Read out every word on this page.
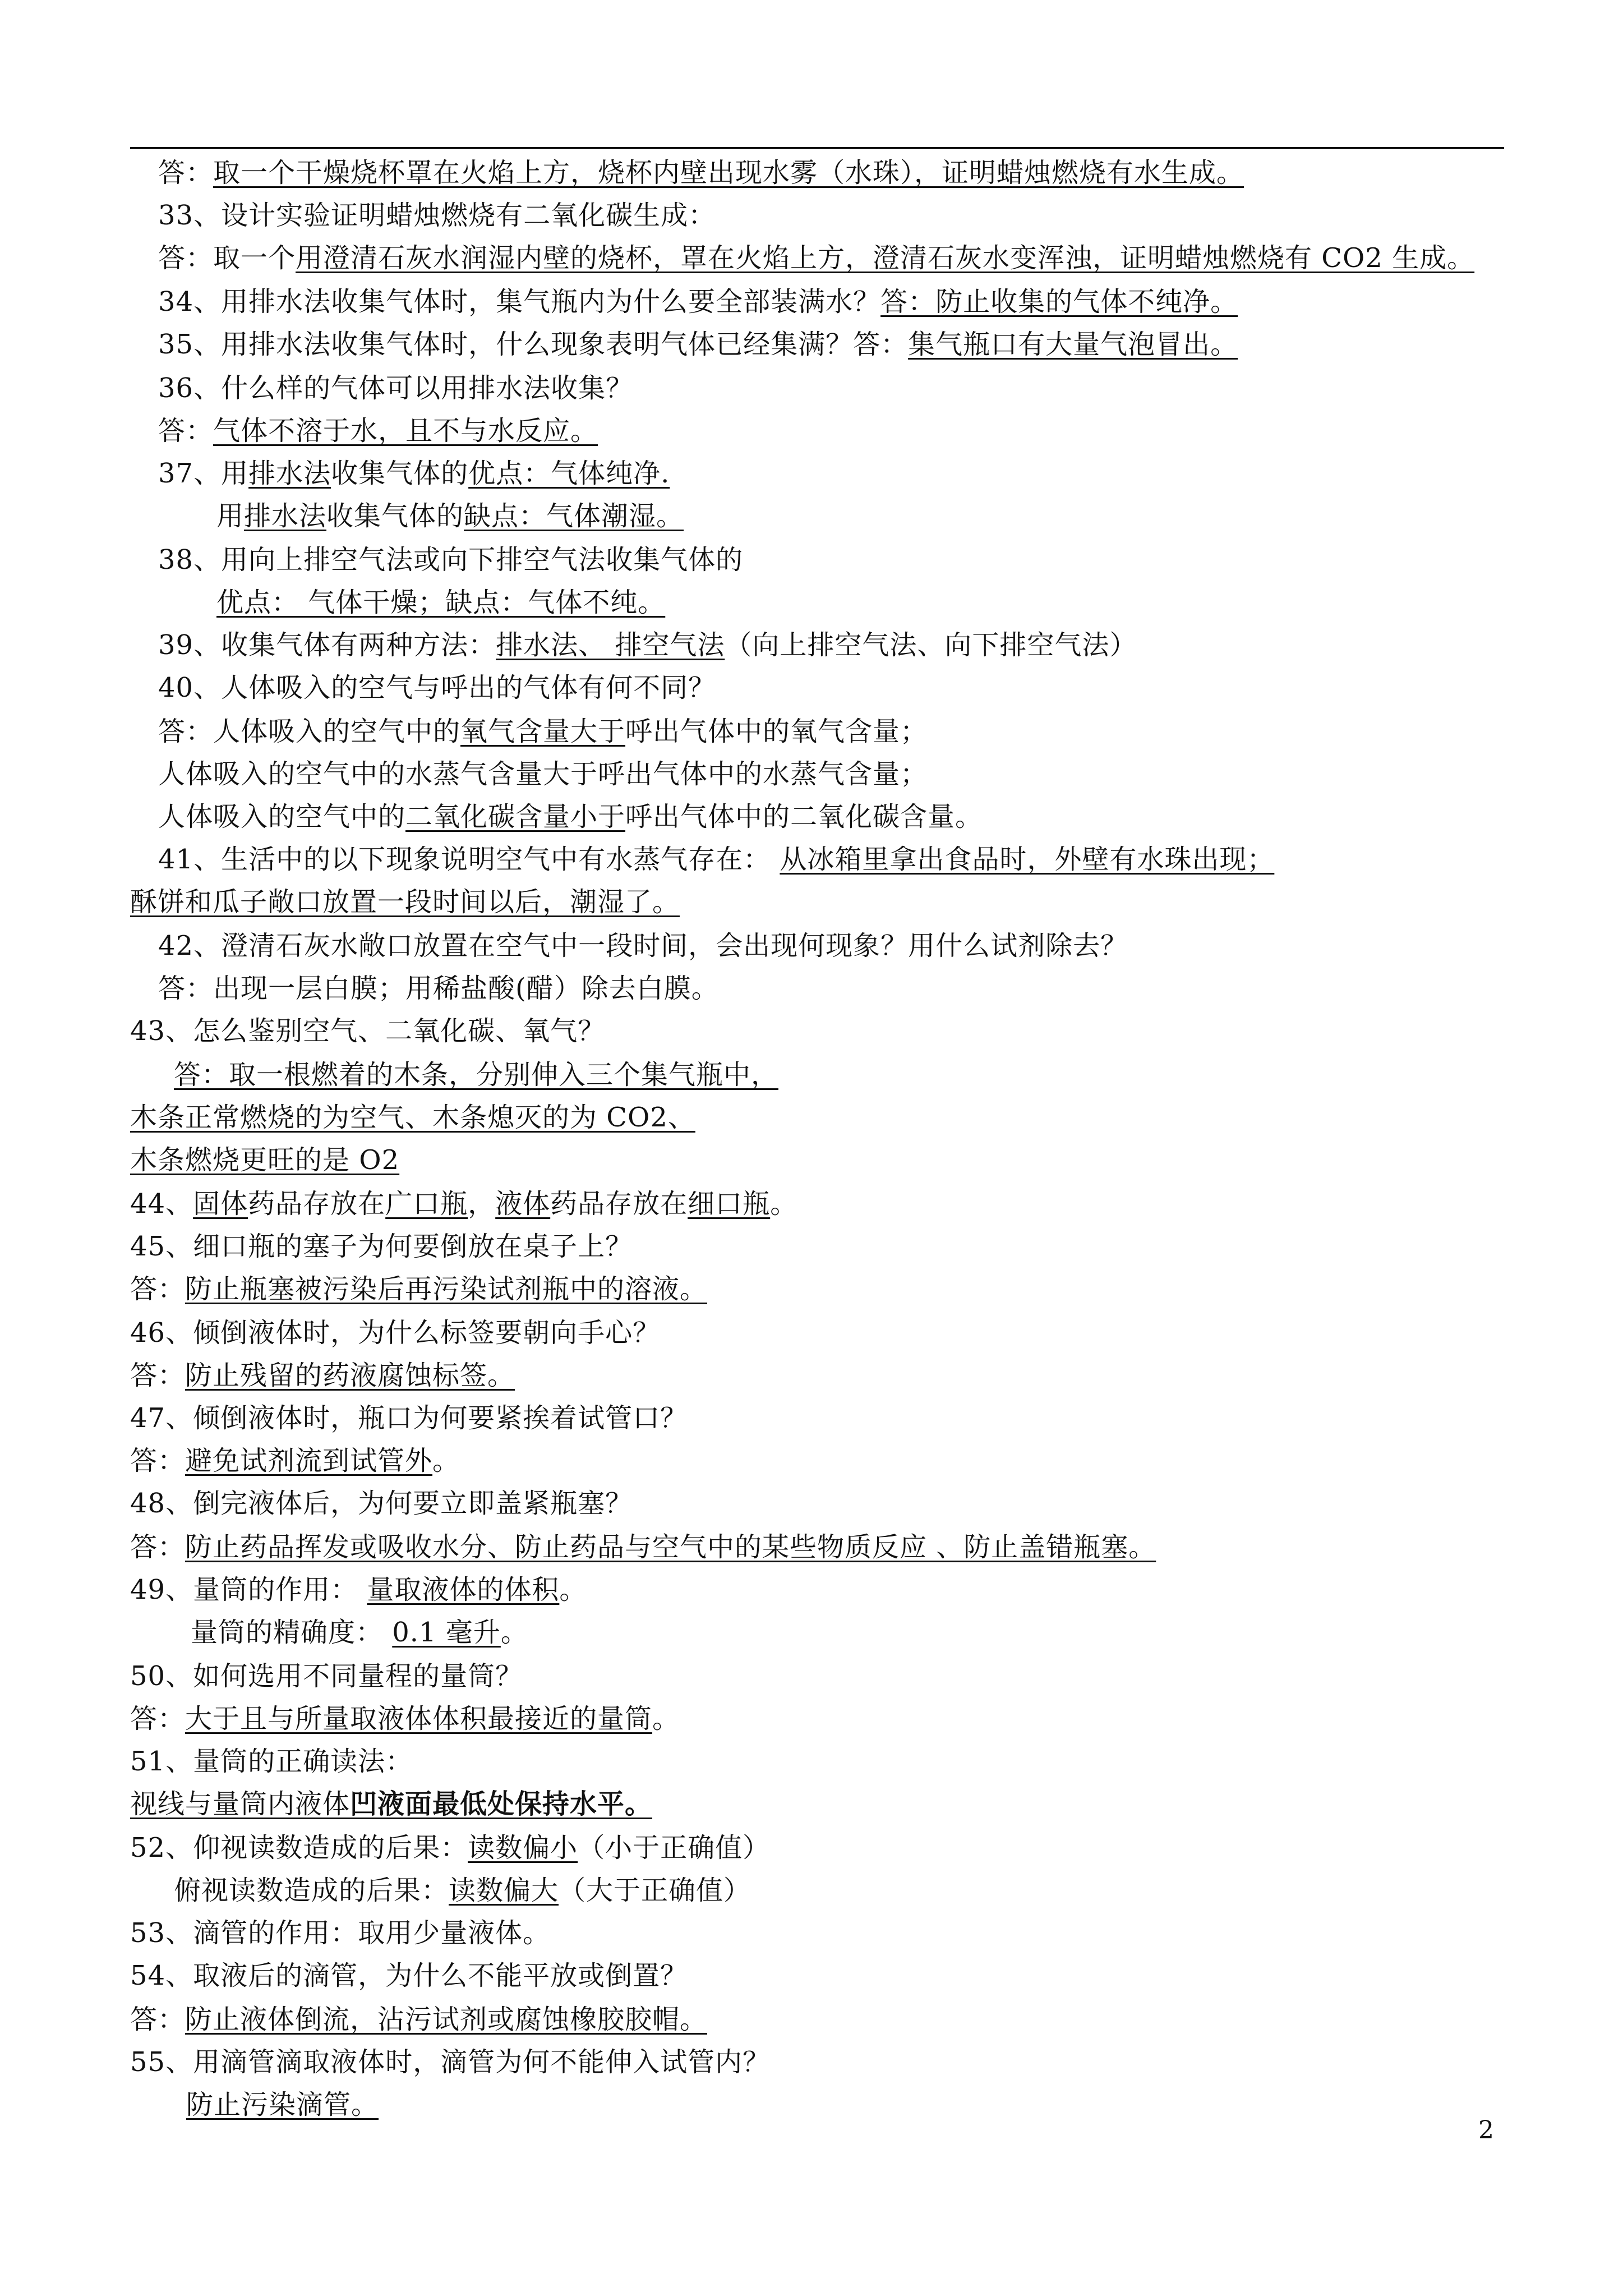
答：取一个干燥烧杯罩在火焰上方，烧杯内壁出现水雾（水珠），证明蜡烛燃烧有水生成。
33、设计实验证明蜡烛燃烧有二氧化碳生成：
答：取一个用澄清石灰水润湿内壁的烧杯，罩在火焰上方，澄清石灰水变浑浊，证明蜡烛燃烧有 CO2 生成。
34、用排水法收集气体时，集气瓶内为什么要全部装满水？答：防止收集的气体不纯净。
35、用排水法收集气体时，什么现象表明气体已经集满？答：集气瓶口有大量气泡冒出。
36、什么样的气体可以用排水法收集？
答：气体不溶于水，且不与水反应。
37、用排水法收集气体的优点：气体纯净.
用排水法收集气体的缺点：气体潮湿。
38、用向上排空气法或向下排空气法收集气体的
优点： 气体干燥；缺点：气体不纯。
39、收集气体有两种方法：排水法、 排空气法（向上排空气法、向下排空气法）
40、人体吸入的空气与呼出的气体有何不同？
答：人体吸入的空气中的氧气含量大于呼出气体中的氧气含量；
人体吸入的空气中的水蒸气含量大于呼出气体中的水蒸气含量；
人体吸入的空气中的二氧化碳含量小于呼出气体中的二氧化碳含量。
41、生活中的以下现象说明空气中有水蒸气存在： 从冰箱里拿出食品时，外壁有水珠出现；
酥饼和瓜子敞口放置一段时间以后，潮湿了。
42、澄清石灰水敞口放置在空气中一段时间，会出现何现象？用什么试剂除去？
答：出现一层白膜；用稀盐酸(醋）除去白膜。
43、怎么鉴别空气、二氧化碳、氧气？
答：取一根燃着的木条，分别伸入三个集气瓶中，
木条正常燃烧的为空气、木条熄灭的为 CO2、
木条燃烧更旺的是 O2
44、固体药品存放在广口瓶，液体药品存放在细口瓶。
45、细口瓶的塞子为何要倒放在桌子上？
答：防止瓶塞被污染后再污染试剂瓶中的溶液。
46、倾倒液体时，为什么标签要朝向手心？
答：防止残留的药液腐蚀标签。
47、倾倒液体时，瓶口为何要紧挨着试管口？
答：避免试剂流到试管外。
48、倒完液体后，为何要立即盖紧瓶塞？
答：防止药品挥发或吸收水分、防止药品与空气中的某些物质反应 、防止盖错瓶塞。
49、量筒的作用： 量取液体的体积。
量筒的精确度： 0.1 毫升。
50、如何选用不同量程的量筒？
答：大于且与所量取液体体积最接近的量筒。
51、量筒的正确读法：
视线与量筒内液体凹液面最低处保持水平。
52、仰视读数造成的后果：读数偏小（小于正确值）
俯视读数造成的后果：读数偏大（大于正确值）
53、滴管的作用：取用少量液体。
54、取液后的滴管，为什么不能平放或倒置？
答：防止液体倒流，沾污试剂或腐蚀橡胶胶帽。
55、用滴管滴取液体时，滴管为何不能伸入试管内？
防止污染滴管。
2
